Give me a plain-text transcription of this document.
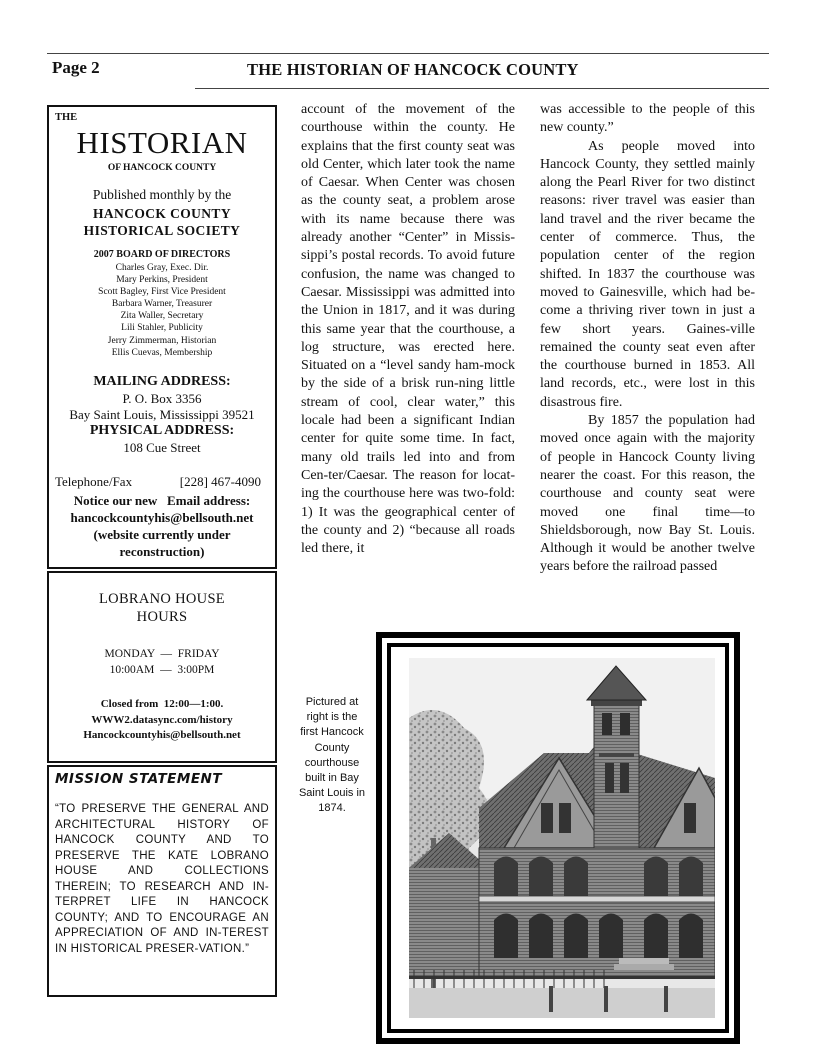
Page 2	THE HISTORIAN OF HANCOCK COUNTY
THE
HISTORIAN
OF HANCOCK COUNTY
Published monthly by the
HANCOCK COUNTY
HISTORICAL SOCIETY
2007 BOARD OF DIRECTORS
Charles Gray, Exec. Dir.
Mary Perkins, President
Scott Bagley, First Vice President
Barbara Warner, Treasurer
Zita Waller, Secretary
Lili Stahler, Publicity
Jerry Zimmerman, Historian
Ellis Cuevas, Membership
MAILING ADDRESS:
P. O. Box 3356
Bay Saint Louis, Mississippi 39521
PHYSICAL ADDRESS:
108 Cue Street
Telephone/Fax	[228] 467-4090
Notice our new   Email address:
hancockcountyhis@bellsouth.net
(website currently under
reconstruction)
LOBRANO HOUSE
HOURS
MONDAY  —  FRIDAY
10:00AM  —  3:00PM
Closed from  12:00—1:00.
WWW2.datasync.com/history
Hancockcountyhis@bellsouth.net
MISSION STATEMENT
“TO PRESERVE THE GENERAL AND ARCHITECTURAL HISTORY OF HANCOCK COUNTY AND TO PRESERVE THE KATE LOBRANO HOUSE AND COLLECTIONS THEREIN; TO RESEARCH AND IN-TERPRET LIFE IN HANCOCK COUNTY; AND TO ENCOURAGE AN APPRECIATION OF AND IN-TEREST IN HISTORICAL PRESER-VATION.”

account of the movement of the courthouse within the county. He explains that the first county seat was old Center, which later took the name of Caesar. When Center was chosen as the county seat, a problem arose with its name because there was already another “Center” in Missis-sippi’s postal records. To avoid future confusion, the name was changed to Caesar. Mississippi was admitted into the Union in 1817, and it was during this same year that the courthouse, a log structure, was erected here. Situated on a “level sandy ham-mock by the side of a brisk run-ning little stream of cool, clear water,” this locale had been a significant Indian center for quite some time. In fact, many old trails led into and from Cen-ter/Caesar. The reason for locat-ing the courthouse here was two-fold: 1) It was the geographical center of the county and 2) “because all roads led there, it

was accessible to the people of this new county.”

As people moved into Hancock County, they settled mainly along the Pearl River for two distinct reasons: river travel was easier than land travel and the river became the center of commerce. Thus, the population center of the region shifted. In 1837 the courthouse was moved to Gainesville, which had be-come a thriving river town in just a few short years. Gaines-ville remained the county seat even after the courthouse burned in 1853. All land records, etc., were lost in this disastrous fire.

By 1857 the population had moved once again with the majority of people in Hancock County living nearer the coast. For this reason, the courthouse and county seat were moved one final time—to Shieldsborough, now Bay St. Louis. Although it would be another twelve years before the railroad passed

Pictured at right is the first Hancock County courthouse built in Bay Saint Louis in 1874.
